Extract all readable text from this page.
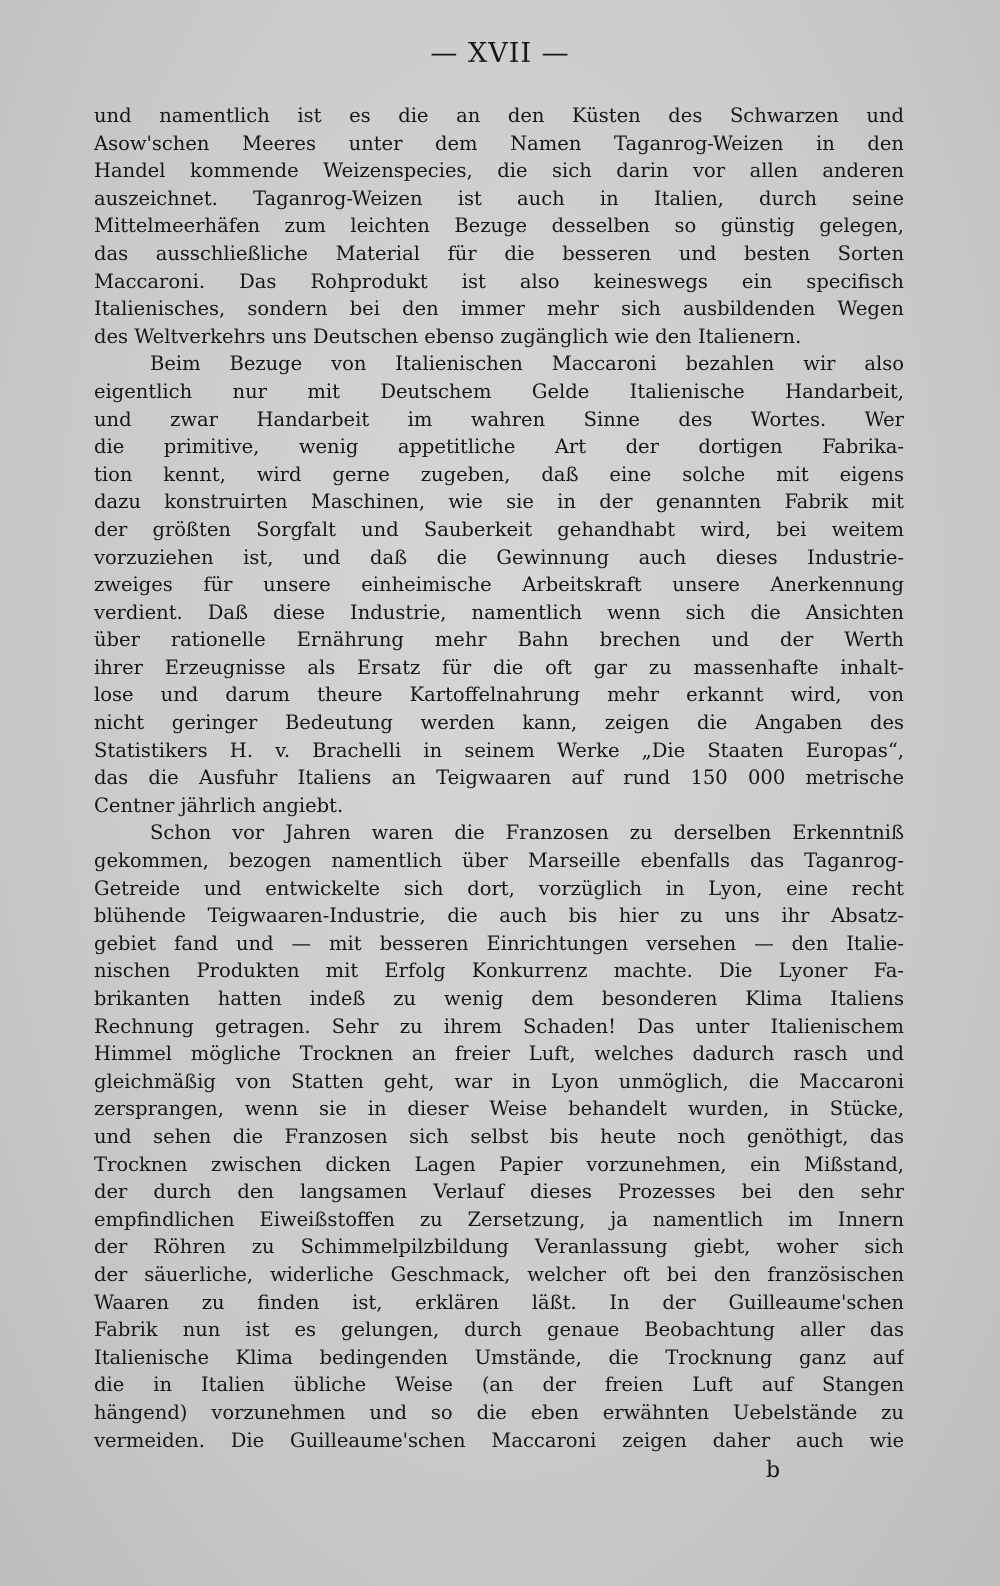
— XVII —
und namentlich ist es die an den Küsten des Schwarzen und
Asow'schen Meeres unter dem Namen Taganrog-Weizen in den
Handel kommende Weizenspecies, die sich darin vor allen anderen
auszeichnet. Taganrog-Weizen ist auch in Italien, durch seine
Mittelmeerhäfen zum leichten Bezuge desselben so günstig gelegen,
das ausschließliche Material für die besseren und besten Sorten
Maccaroni. Das Rohprodukt ist also keineswegs ein specifisch
Italienisches, sondern bei den immer mehr sich ausbildenden Wegen
des Weltverkehrs uns Deutschen ebenso zugänglich wie den Italienern.
Beim Bezuge von Italienischen Maccaroni bezahlen wir also
eigentlich nur mit Deutschem Gelde Italienische Handarbeit,
und zwar Handarbeit im wahren Sinne des Wortes. Wer
die primitive, wenig appetitliche Art der dortigen Fabrika-
tion kennt, wird gerne zugeben, daß eine solche mit eigens
dazu konstruirten Maschinen, wie sie in der genannten Fabrik mit
der größten Sorgfalt und Sauberkeit gehandhabt wird, bei weitem
vorzuziehen ist, und daß die Gewinnung auch dieses Industrie-
zweiges für unsere einheimische Arbeitskraft unsere Anerkennung
verdient. Daß diese Industrie, namentlich wenn sich die Ansichten
über rationelle Ernährung mehr Bahn brechen und der Werth
ihrer Erzeugnisse als Ersatz für die oft gar zu massenhafte inhalt-
lose und darum theure Kartoffelnahrung mehr erkannt wird, von
nicht geringer Bedeutung werden kann, zeigen die Angaben des
Statistikers H. v. Brachelli in seinem Werke „Die Staaten Europas“,
das die Ausfuhr Italiens an Teigwaaren auf rund 150 000 metrische
Centner jährlich angiebt.
Schon vor Jahren waren die Franzosen zu derselben Erkenntniß
gekommen, bezogen namentlich über Marseille ebenfalls das Taganrog-
Getreide und entwickelte sich dort, vorzüglich in Lyon, eine recht
blühende Teigwaaren-Industrie, die auch bis hier zu uns ihr Absatz-
gebiet fand und — mit besseren Einrichtungen versehen — den Italie-
nischen Produkten mit Erfolg Konkurrenz machte. Die Lyoner Fa-
brikanten hatten indeß zu wenig dem besonderen Klima Italiens
Rechnung getragen. Sehr zu ihrem Schaden! Das unter Italienischem
Himmel mögliche Trocknen an freier Luft, welches dadurch rasch und
gleichmäßig von Statten geht, war in Lyon unmöglich, die Maccaroni
zersprangen, wenn sie in dieser Weise behandelt wurden, in Stücke,
und sehen die Franzosen sich selbst bis heute noch genöthigt, das
Trocknen zwischen dicken Lagen Papier vorzunehmen, ein Mißstand,
der durch den langsamen Verlauf dieses Prozesses bei den sehr
empfindlichen Eiweißstoffen zu Zersetzung, ja namentlich im Innern
der Röhren zu Schimmelpilzbildung Veranlassung giebt, woher sich
der säuerliche, widerliche Geschmack, welcher oft bei den französischen
Waaren zu finden ist, erklären läßt. In der Guilleaume'schen
Fabrik nun ist es gelungen, durch genaue Beobachtung aller das
Italienische Klima bedingenden Umstände, die Trocknung ganz auf
die in Italien übliche Weise (an der freien Luft auf Stangen
hängend) vorzunehmen und so die eben erwähnten Uebelstände zu
vermeiden. Die Guilleaume'schen Maccaroni zeigen daher auch wie
b
